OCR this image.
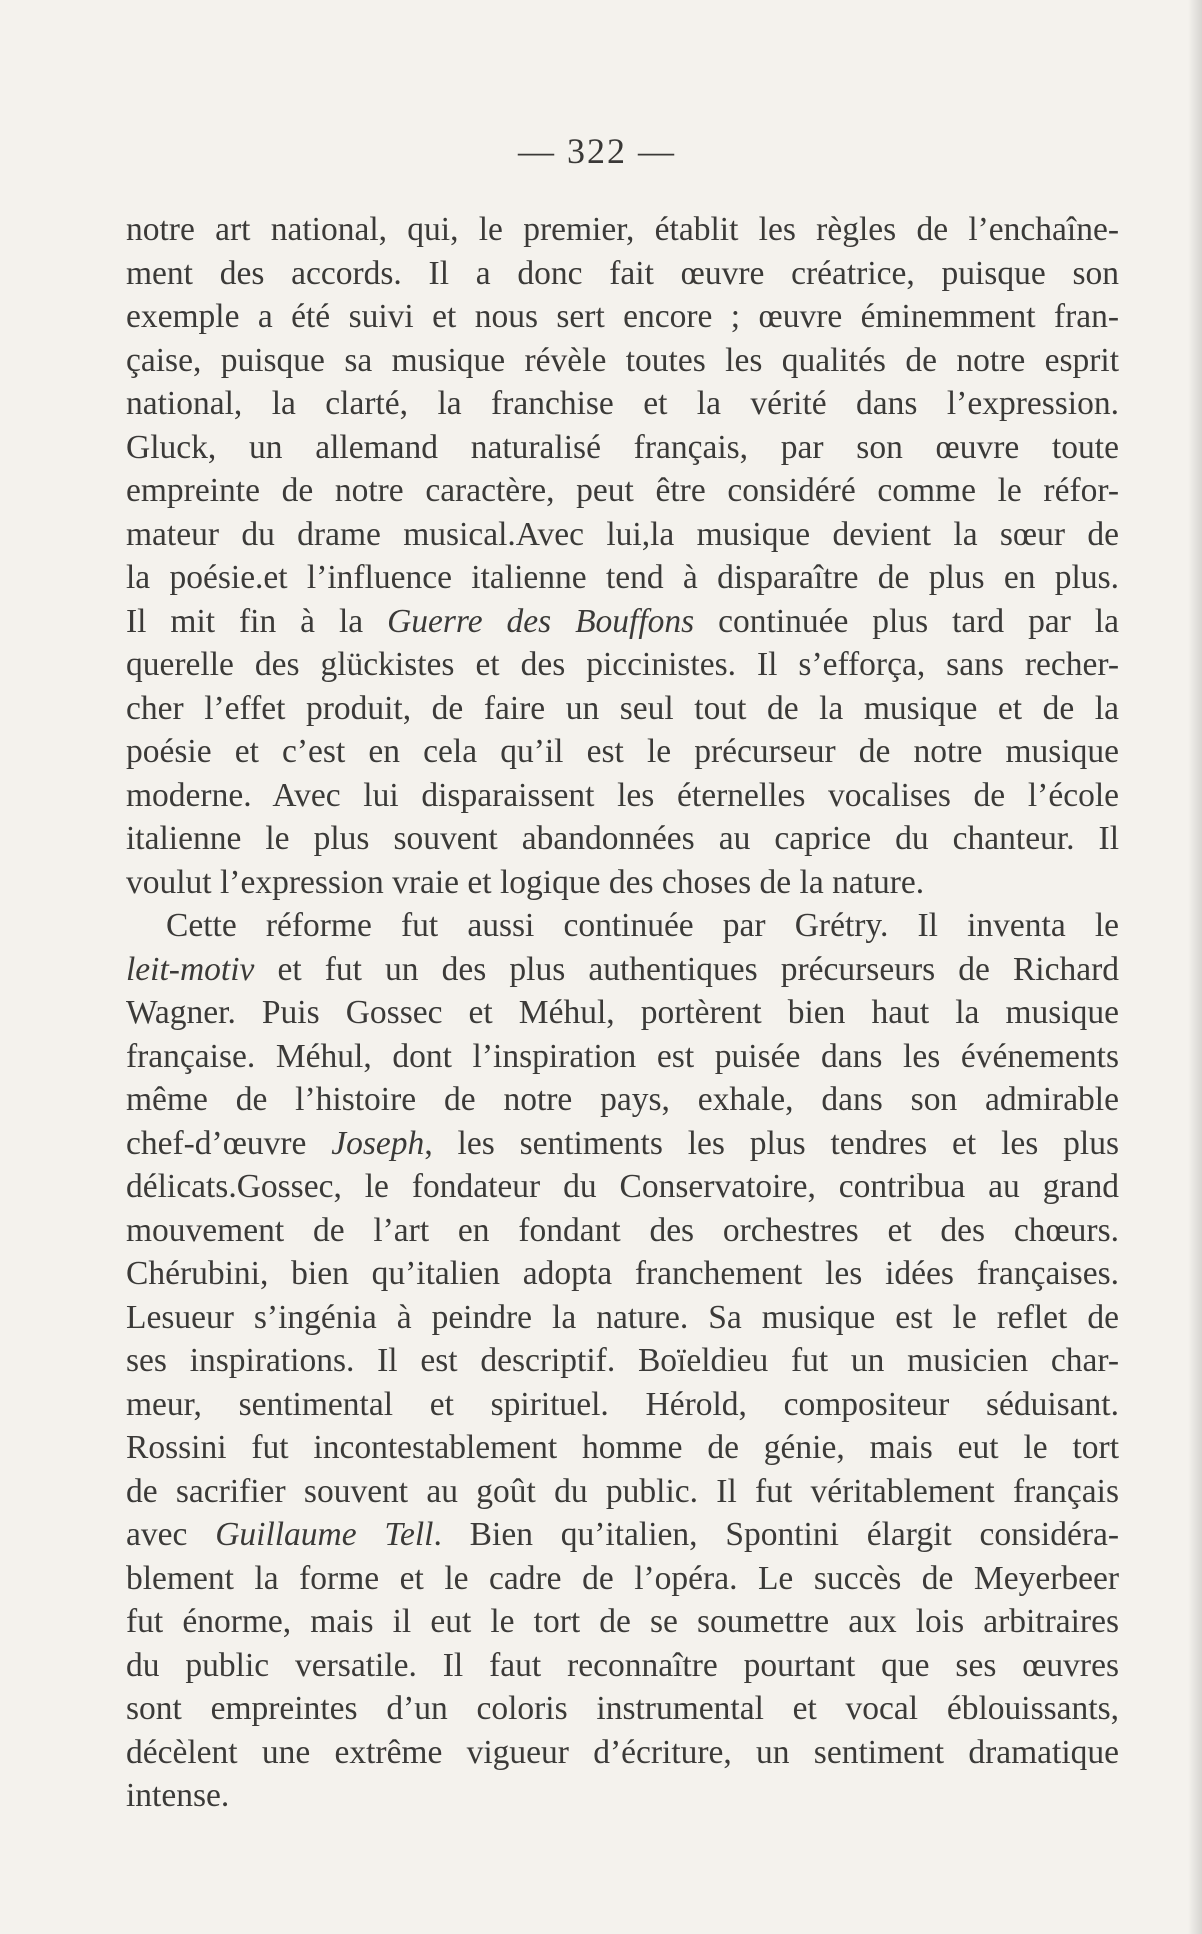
— 322 —
notre art national, qui, le premier, établit les règles de l’enchaîne-
ment des accords. Il a donc fait œuvre créatrice, puisque son
exemple a été suivi et nous sert encore ; œuvre éminemment fran-
çaise, puisque sa musique révèle toutes les qualités de notre esprit
national, la clarté, la franchise et la vérité dans l’expression.
Gluck, un allemand naturalisé français, par son œuvre toute
empreinte de notre caractère, peut être considéré comme le réfor-
mateur du drame musical.Avec lui,la musique devient la sœur de
la poésie.et l’influence italienne tend à disparaître de plus en plus.
Il mit fin à la Guerre des Bouffons continuée plus tard par la
querelle des glückistes et des piccinistes. Il s’efforça, sans recher-
cher l’effet produit, de faire un seul tout de la musique et de la
poésie et c’est en cela qu’il est le précurseur de notre musique
moderne. Avec lui disparaissent les éternelles vocalises de l’école
italienne le plus souvent abandonnées au caprice du chanteur. Il
voulut l’expression vraie et logique des choses de la nature.
Cette réforme fut aussi continuée par Grétry. Il inventa le
leit-motiv et fut un des plus authentiques précurseurs de Richard
Wagner. Puis Gossec et Méhul, portèrent bien haut la musique
française. Méhul, dont l’inspiration est puisée dans les événements
même de l’histoire de notre pays, exhale, dans son admirable
chef-d’œuvre Joseph, les sentiments les plus tendres et les plus
délicats.Gossec, le fondateur du Conservatoire, contribua au grand
mouvement de l’art en fondant des orchestres et des chœurs.
Chérubini, bien qu’italien adopta franchement les idées françaises.
Lesueur s’ingénia à peindre la nature. Sa musique est le reflet de
ses inspirations. Il est descriptif. Boïeldieu fut un musicien char-
meur, sentimental et spirituel. Hérold, compositeur séduisant.
Rossini fut incontestablement homme de génie, mais eut le tort
de sacrifier souvent au goût du public. Il fut véritablement français
avec Guillaume Tell. Bien qu’italien, Spontini élargit considéra-
blement la forme et le cadre de l’opéra. Le succès de Meyerbeer
fut énorme, mais il eut le tort de se soumettre aux lois arbitraires
du public versatile. Il faut reconnaître pourtant que ses œuvres
sont empreintes d’un coloris instrumental et vocal éblouissants,
décèlent une extrême vigueur d’écriture, un sentiment dramatique
intense.
